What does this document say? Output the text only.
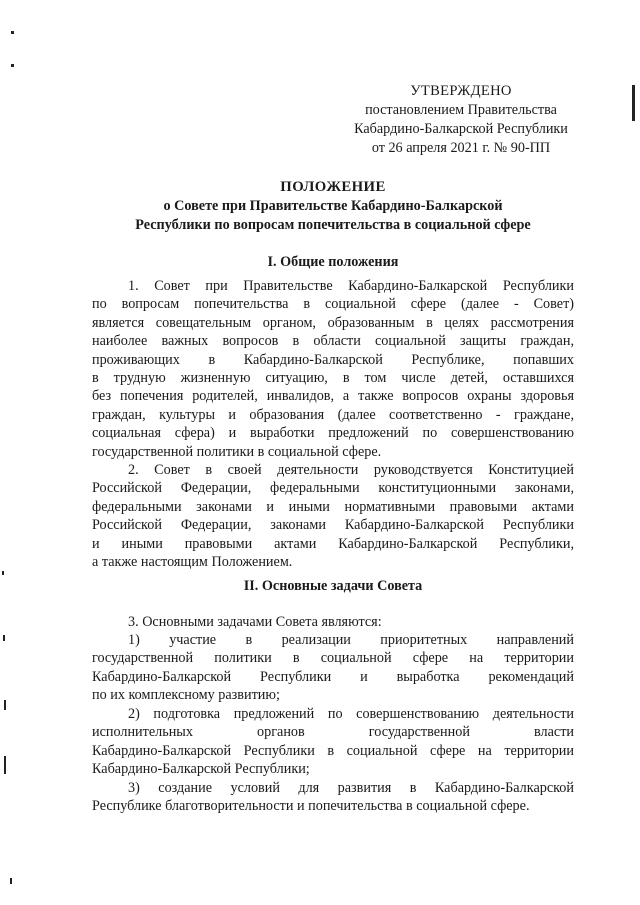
УТВЕРЖДЕНО
постановлением Правительства
Кабардино-Балкарской Республики
от 26 апреля 2021 г. № 90-ПП
ПОЛОЖЕНИЕ
о Совете при Правительстве Кабардино-Балкарской
Республики по вопросам попечительства в социальной сфере
I. Общие положения
1. Совет при Правительстве Кабардино-Балкарской Республики
по вопросам попечительства в социальной сфере (далее - Совет)
является совещательным органом, образованным в целях рассмотрения
наиболее важных вопросов в области социальной защиты граждан,
проживающих в Кабардино-Балкарской Республике, попавших
в трудную жизненную ситуацию, в том числе детей, оставшихся
без попечения родителей, инвалидов, а также вопросов охраны здоровья
граждан, культуры и образования (далее соответственно - граждане,
социальная сфера) и выработки предложений по совершенствованию
государственной политики в социальной сфере.
2. Совет в своей деятельности руководствуется Конституцией
Российской Федерации, федеральными конституционными законами,
федеральными законами и иными нормативными правовыми актами
Российской Федерации, законами Кабардино-Балкарской Республики
и иными правовыми актами Кабардино-Балкарской Республики,
а также настоящим Положением.
II. Основные задачи Совета
3. Основными задачами Совета являются:
1) участие в реализации приоритетных направлений
государственной политики в социальной сфере на территории
Кабардино-Балкарской Республики и выработка рекомендаций
по их комплексному развитию;
2) подготовка предложений по совершенствованию деятельности
исполнительных органов государственной власти
Кабардино-Балкарской Республики в социальной сфере на территории
Кабардино-Балкарской Республики;
3) создание условий для развития в Кабардино-Балкарской
Республике благотворительности и попечительства в социальной сфере.
